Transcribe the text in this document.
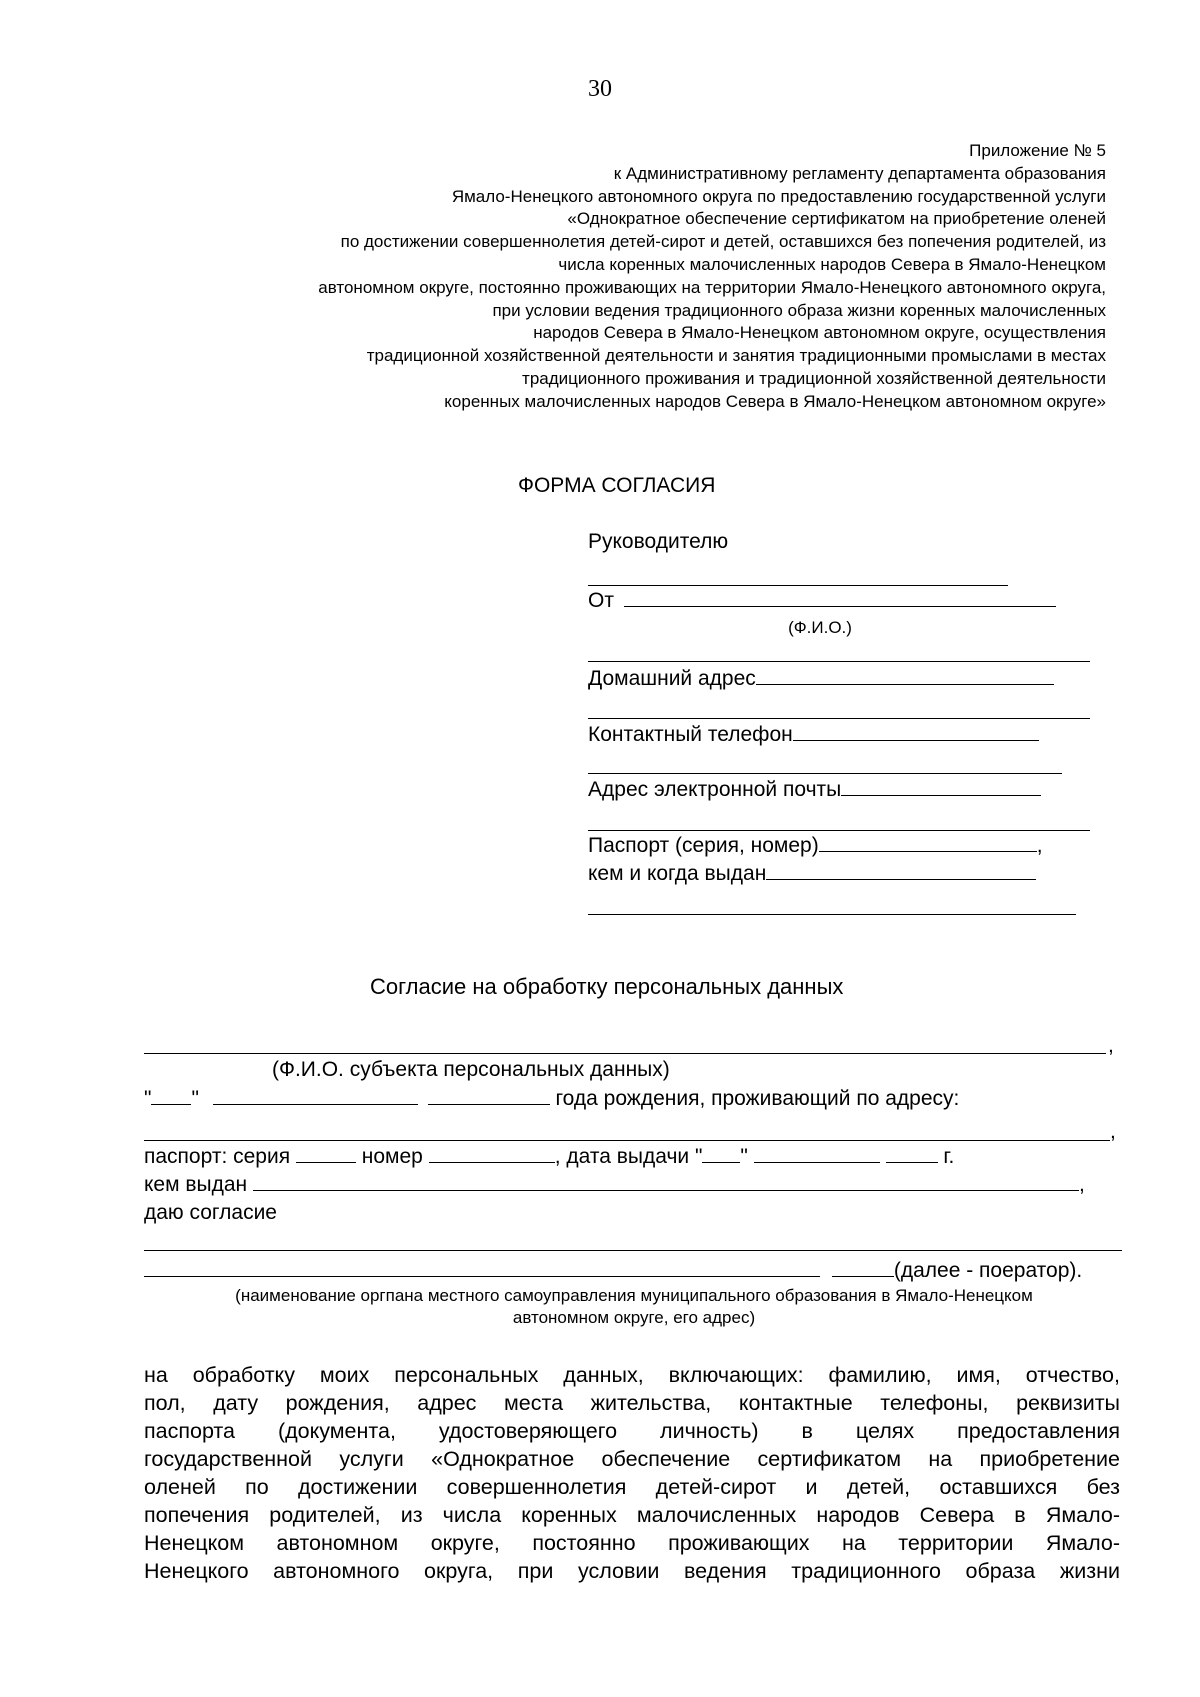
30
Приложение № 5
к Административному регламенту департамента образования
Ямало-Ненецкого автономного округа по предоставлению государственной услуги
«Однократное обеспечение сертификатом на приобретение оленей
по достижении совершеннолетия детей-сирот и детей, оставшихся без попечения родителей, из
числа коренных малочисленных народов Севера в Ямало-Ненецком
автономном округе, постоянно проживающих на территории Ямало-Ненецкого автономного округа,
при условии ведения традиционного образа жизни коренных малочисленных
народов Севера в Ямало-Ненецком автономном округе, осуществления
традиционной хозяйственной деятельности и занятия традиционными промыслами в местах
традиционного проживания и традиционной хозяйственной деятельности
коренных малочисленных народов Севера в Ямало-Ненецком автономном округе»
ФОРМА СОГЛАСИЯ
Руководителю
От
(Ф.И.О.)
Домашний адрес
Контактный телефон
Адрес электронной почты
Паспорт (серия, номер)	,
кем и когда выдан
Согласие на обработку персональных данных
,
(Ф.И.О. субъекта персональных данных)
" "	года рождения, проживающий по адресу:
,
паспорт: серия	номер	, дата выдачи " "	г.
кем выдан	,
даю согласие
(далее - поератор).
(наименование оргпана местного самоуправления муниципального образования в Ямало-Ненецком
автономном округе, его адрес)
на обработку моих персональных данных, включающих: фамилию, имя, отчество,
пол, дату рождения, адрес места жительства, контактные телефоны, реквизиты
паспорта (документа, удостоверяющего личность) в целях предоставления
государственной услуги «Однократное обеспечение сертификатом на приобретение
оленей по достижении совершеннолетия детей-сирот и детей, оставшихся без
попечения родителей, из числа коренных малочисленных народов Севера в Ямало-
Ненецком автономном округе, постоянно проживающих на территории Ямало-
Ненецкого автономного округа, при условии ведения традиционного образа жизни
